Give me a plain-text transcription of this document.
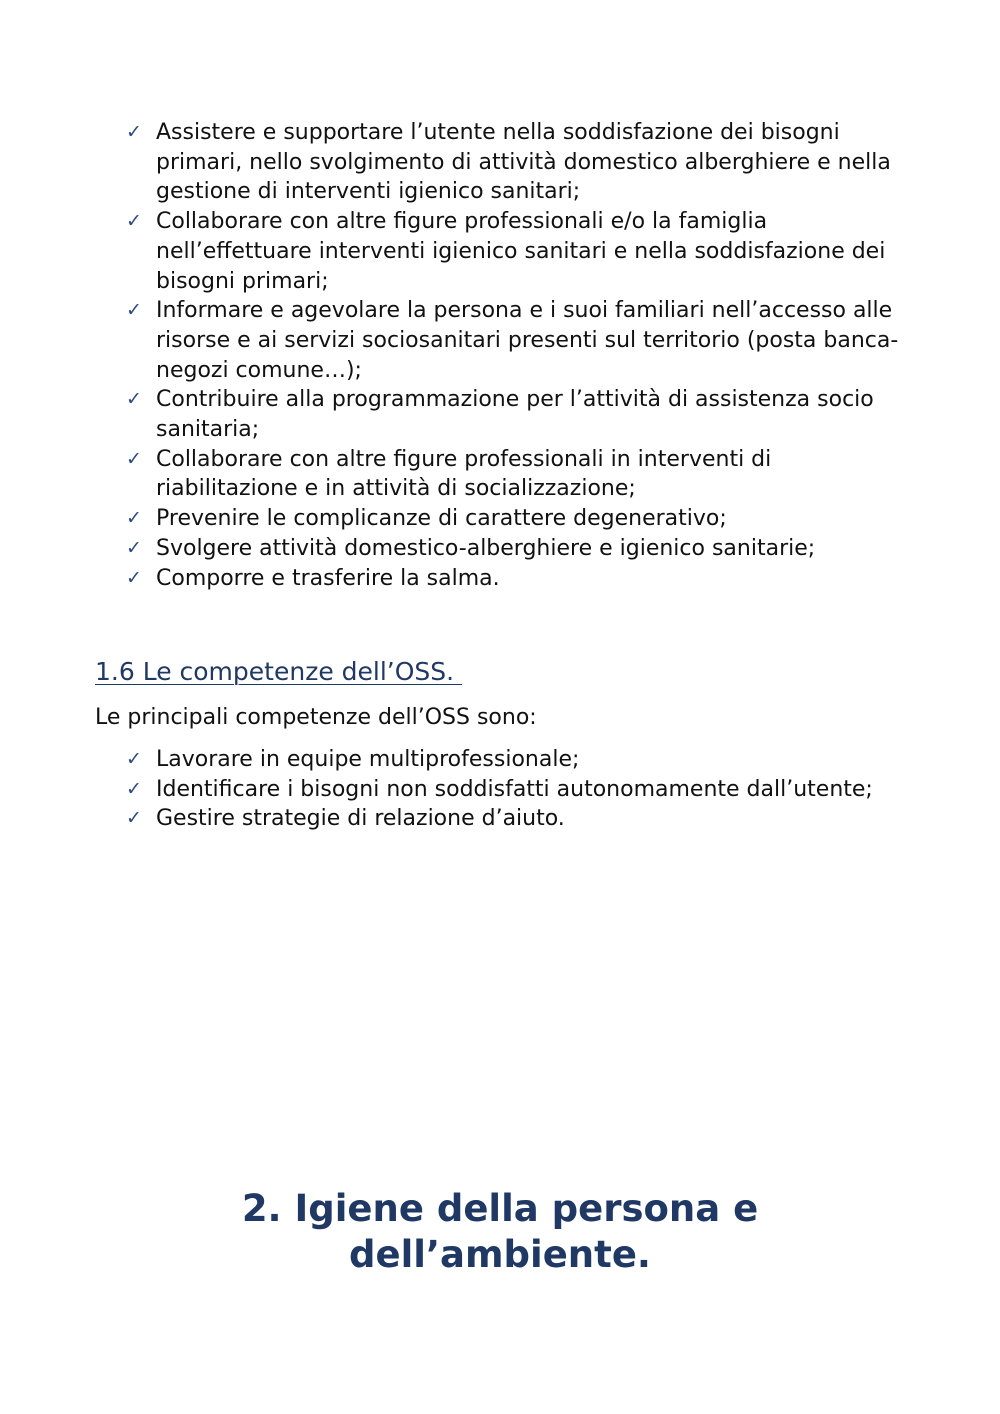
✓ Assistere e supportare l’utente nella soddisfazione dei bisogni primari, nello svolgimento di attività domestico alberghiere e nella gestione di interventi igienico sanitari;
✓ Collaborare con altre figure professionali e/o la famiglia nell’effettuare interventi igienico sanitari e nella soddisfazione dei bisogni primari;
✓ Informare e agevolare la persona e i suoi familiari nell’accesso alle risorse e ai servizi sociosanitari presenti sul territorio (posta banca- negozi comune…);
✓ Contribuire alla programmazione per l’attività di assistenza socio sanitaria;
✓ Collaborare con altre figure professionali in interventi di riabilitazione e in attività di socializzazione;
✓ Prevenire le complicanze di carattere degenerativo;
✓ Svolgere attività domestico-alberghiere e igienico sanitarie;
✓ Comporre e trasferire la salma.
1.6 Le competenze dell’OSS.

Le principali competenze dell’OSS sono:

✓ Lavorare in equipe multiprofessionale;
✓ Identificare i bisogni non soddisfatti autonomamente dall’utente;
✓ Gestire strategie di relazione d’aiuto.
2. Igiene della persona e
dell’ambiente.
